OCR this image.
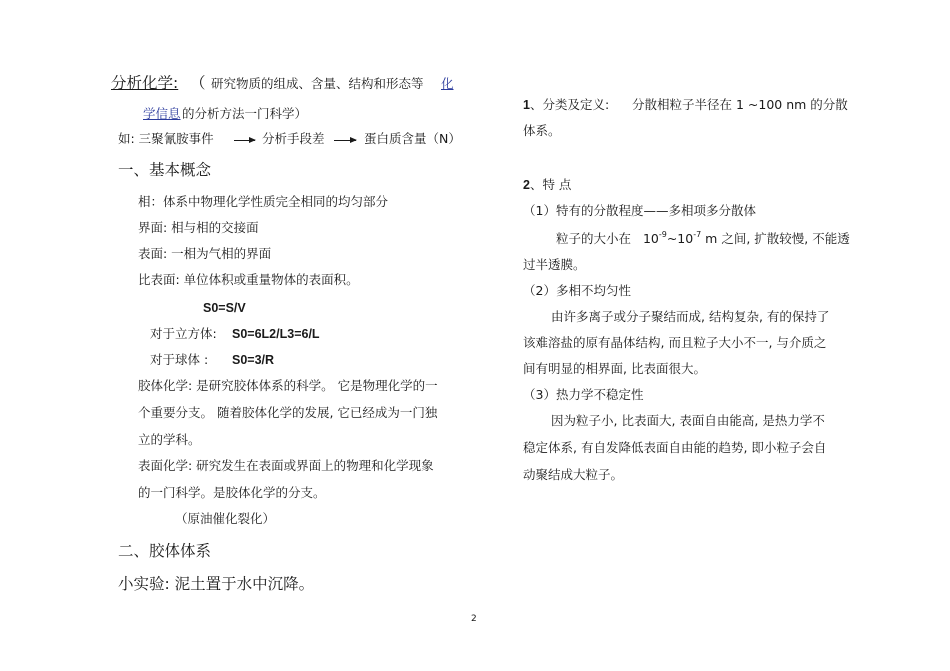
分析化学: （ 研究物质的组成、含量、结构和形态等 化
学信息 的分析方法一门科学）
如: 三聚氰胺事件	分析手段差	蛋白质含量（N）
一、基本概念
相：体系中物理化学性质完全相同的均匀部分
界面: 相与相的交接面
表面: 一相为气相的界面
比表面: 单位体积或重量物体的表面积。
S0=S/V
对于立方体: S0=6L2/L3=6/L
对于球体 : S0=3/R
胶体化学: 是研究胶体体系的科学。 它是物理化学的一
个重要分支。 随着胶体化学的发展, 它已经成为一门独
立的学科。
表面化学: 研究发生在表面或界面上的物理和化学现象
的一门科学。是胶体化学的分支。
（原油催化裂化）
二、胶体体系
小实验: 泥土置于水中沉降。
1、分类及定义: 分散相粒子半径在 1 ~100 nm 的分散
体系。
2、特 点
（1）特有的分散程度——多相项多分散体
粒子的大小在 $10^{-9}\sim 10^{-7}$ m 之间, 扩散较慢, 不能透
过半透膜。
（2）多相不均匀性
由许多离子或分子聚结而成, 结构复杂, 有的保持了
该难溶盐的原有晶体结构, 而且粒子大小不一, 与介质之
间有明显的相界面, 比表面很大。
（3）热力学不稳定性
因为粒子小, 比表面大, 表面自由能高, 是热力学不
稳定体系, 有自发降低表面自由能的趋势, 即小粒子会自
动聚结成大粒子。
2
